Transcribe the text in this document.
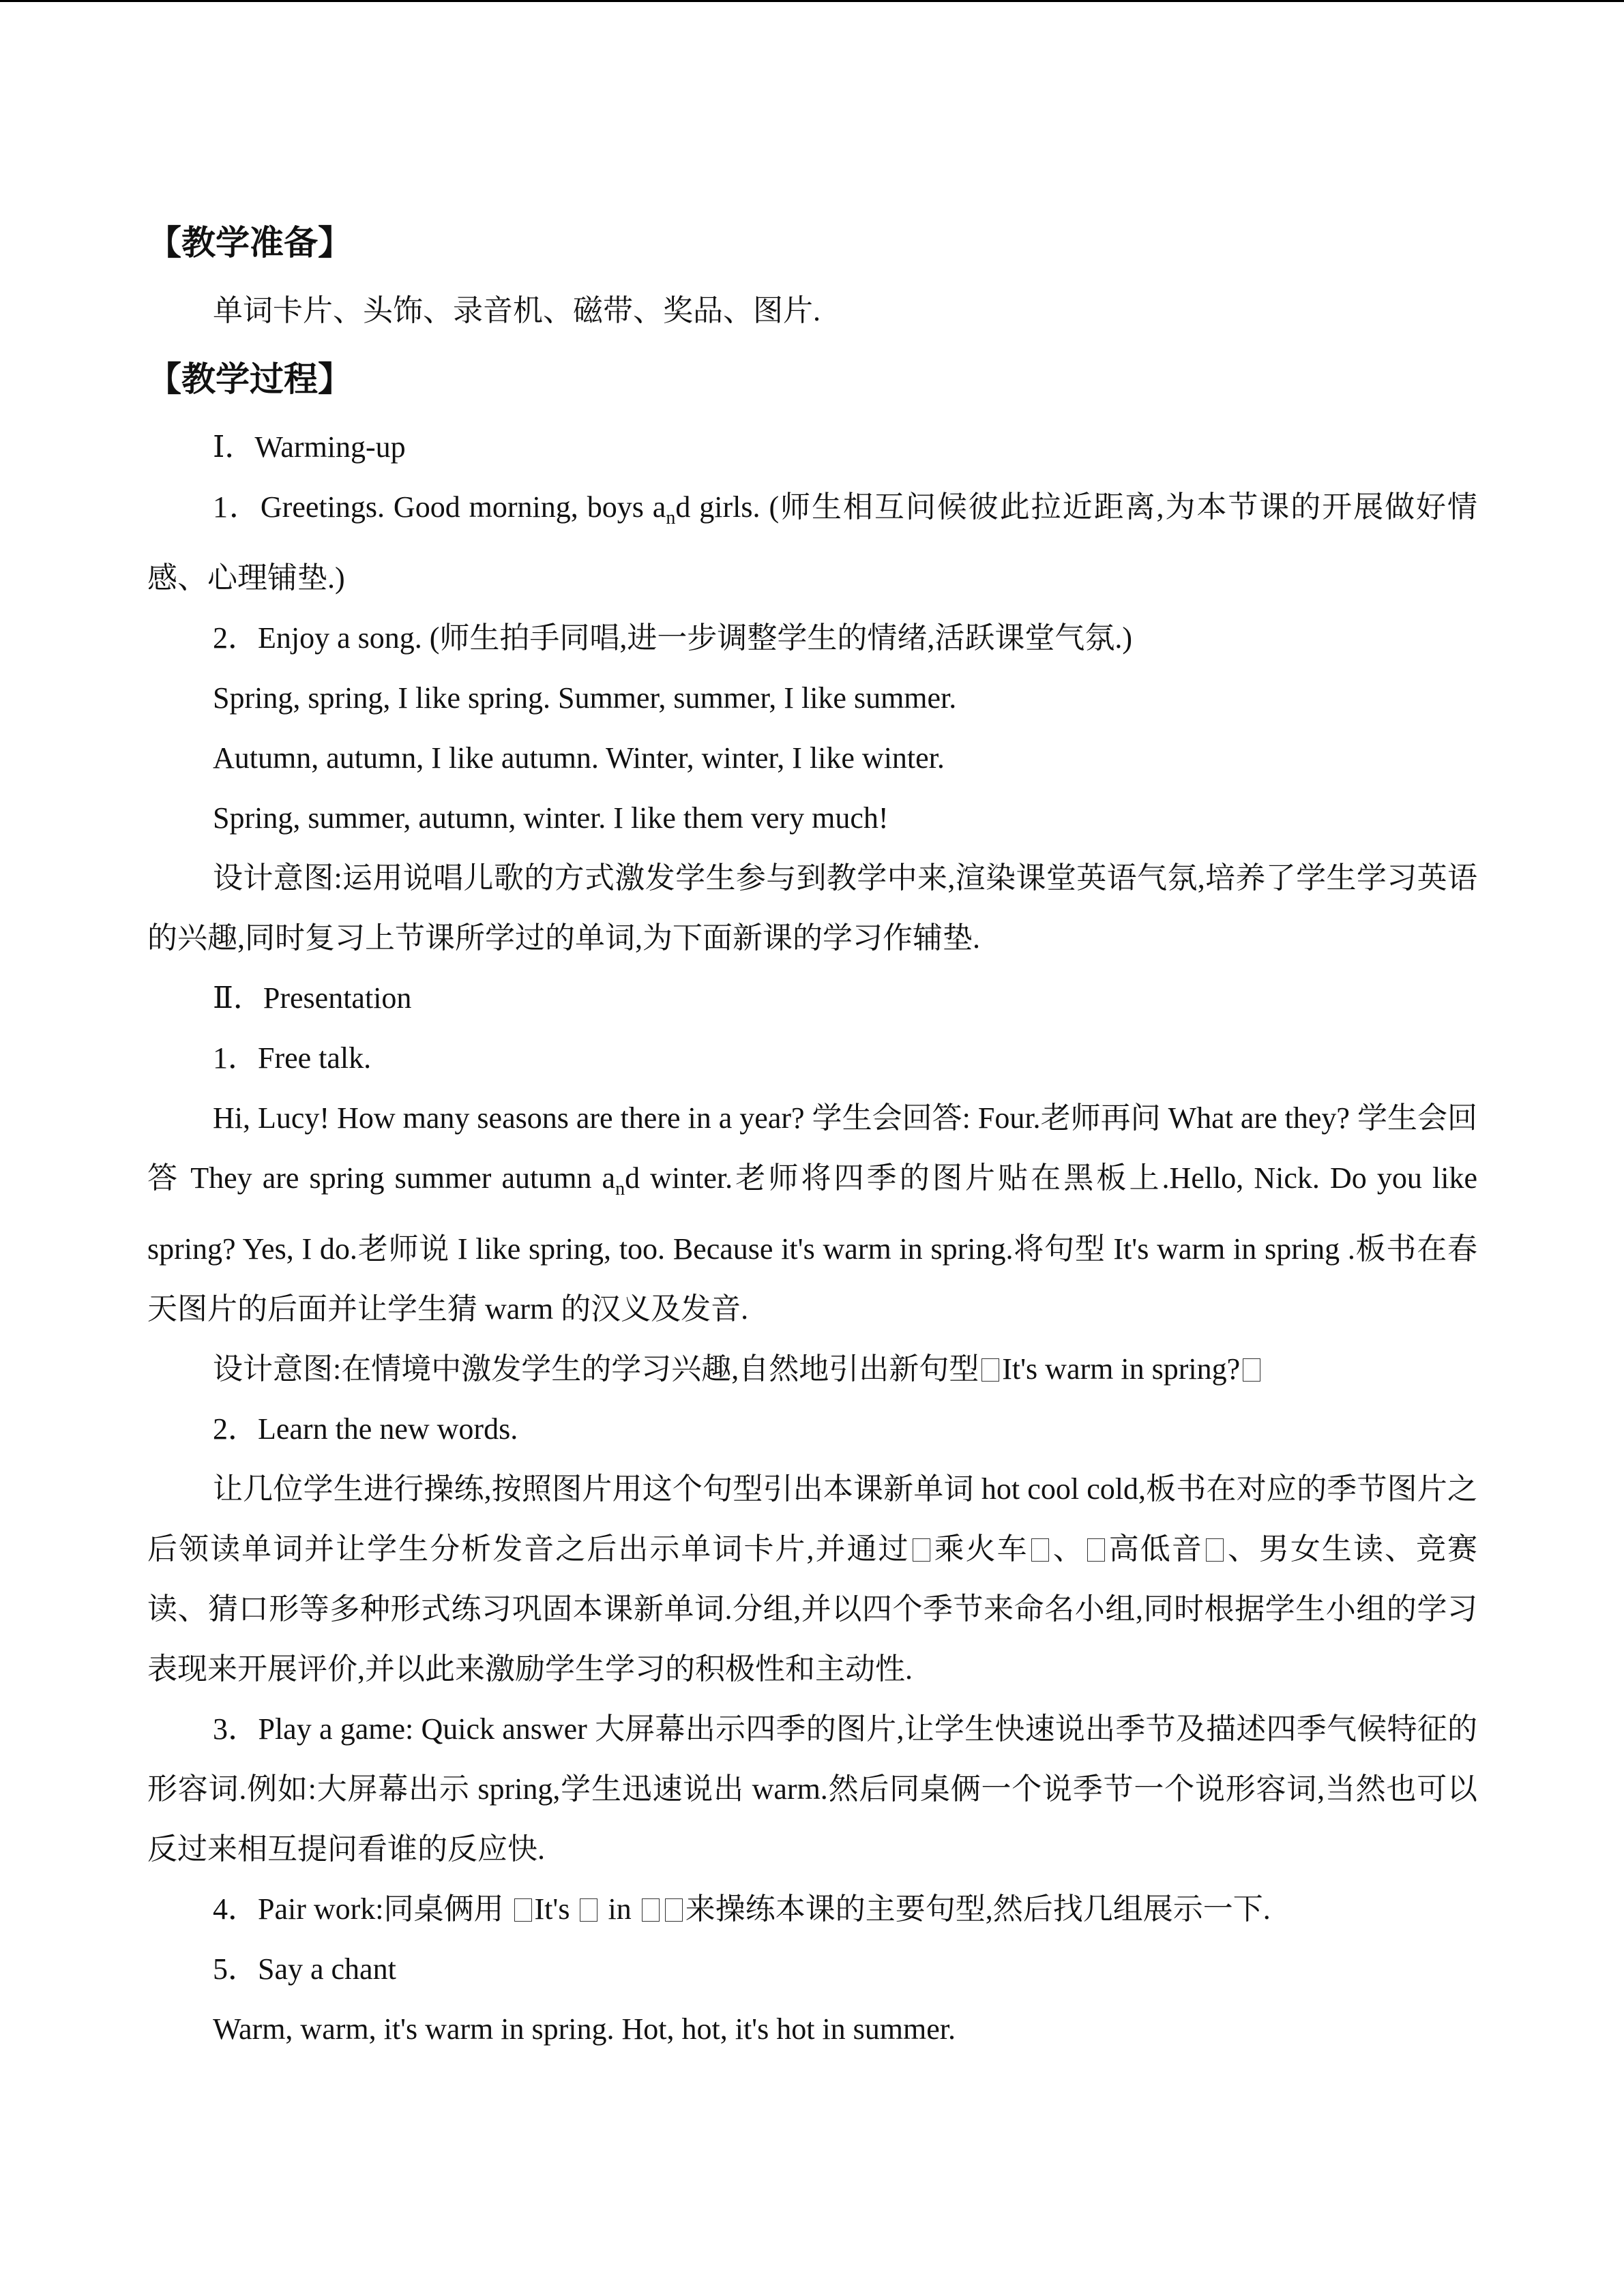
【教学准备】

单词卡片、头饰、录音机、磁带、奖品、图片.

【教学过程】

Ⅰ．Warming-up

1．Greetings. Good morning, boys $a_nd$ girls. (师生相互问候彼此拉近距离,为本节课的开展做好情感、心理铺垫.)

2．Enjoy a song. (师生拍手同唱,进一步调整学生的情绪,活跃课堂气氛.)

Spring, spring, I like spring. Summer, summer, I like summer.

Autumn, autumn, I like autumn. Winter, winter, I like winter.

Spring, summer, autumn, winter. I like them very much!

设计意图:运用说唱儿歌的方式激发学生参与到教学中来,渲染课堂英语气氛,培养了学生学习英语的兴趣,同时复习上节课所学过的单词,为下面新课的学习作辅垫.

Ⅱ．Presentation

1．Free talk.

Hi, Lucy! How many seasons are there in a year? 学生会回答: Four.老师再问 What are they? 学生会回答 They are spring summer autumn $a_nd$ winter.老师将四季的图片贴在黑板上.Hello, Nick. Do you like spring? Yes, I do.老师说 I like spring, too. Because it's warm in spring.将句型 It's warm in spring .板书在春天图片的后面并让学生猜 warm 的汉义及发音.

设计意图:在情境中激发学生的学习兴趣,自然地引出新句型 It's warm in spring?

2．Learn the new words.

让几位学生进行操练,按照图片用这个句型引出本课新单词 hot cool cold,板书在对应的季节图片之后领读单词并让学生分析发音之后出示单词卡片,并通过 乘火车 、 高低音 、男女生读、竞赛读、猜口形等多种形式练习巩固本课新单词.分组,并以四个季节来命名小组,同时根据学生小组的学习表现来开展评价,并以此来激励学生学习的积极性和主动性.

3．Play a game: Quick answer 大屏幕出示四季的图片,让学生快速说出季节及描述四季气候特征的形容词.例如:大屏幕出示 spring,学生迅速说出 warm.然后同桌俩一个说季节一个说形容词,当然也可以反过来相互提问看谁的反应快.

4．Pair work:同桌俩用 It's in 来操练本课的主要句型,然后找几组展示一下.

5．Say a chant

Warm, warm, it's warm in spring. Hot, hot, it's hot in summer.
